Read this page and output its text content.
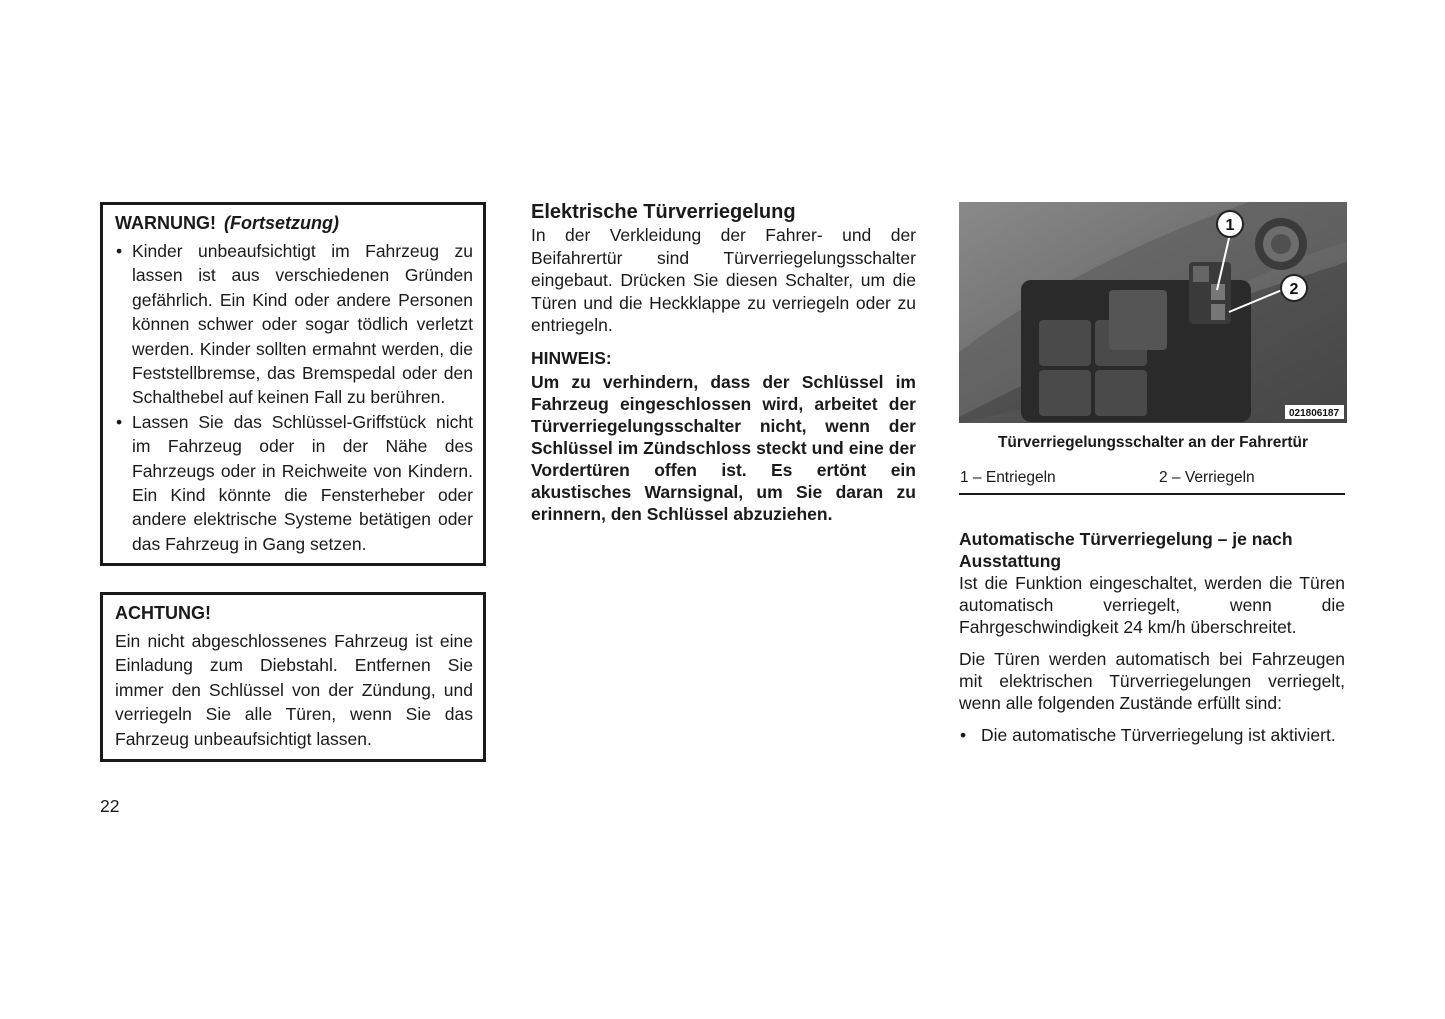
WARNUNG! (Fortsetzung)

• Kinder unbeaufsichtigt im Fahrzeug zu lassen ist aus verschiedenen Gründen gefährlich. Ein Kind oder andere Personen können schwer oder sogar tödlich verletzt werden. Kinder sollten ermahnt werden, die Feststellbremse, das Bremspedal oder den Schalthebel auf keinen Fall zu berühren.
• Lassen Sie das Schlüssel-Griffstück nicht im Fahrzeug oder in der Nähe des Fahrzeugs oder in Reichweite von Kindern. Ein Kind könnte die Fensterheber oder andere elektrische Systeme betätigen oder das Fahrzeug in Gang setzen.

ACHTUNG!

Ein nicht abgeschlossenes Fahrzeug ist eine Einladung zum Diebstahl. Entfernen Sie immer den Schlüssel von der Zündung, und verriegeln Sie alle Türen, wenn Sie das Fahrzeug unbeaufsichtigt lassen.

Elektrische Türverriegelung

In der Verkleidung der Fahrer- und der Beifahrertür sind Türverriegelungsschalter eingebaut. Drücken Sie diesen Schalter, um die Türen und die Heckklappe zu verriegeln oder zu entriegeln.

HINWEIS:

Um zu verhindern, dass der Schlüssel im Fahrzeug eingeschlossen wird, arbeitet der Türverriegelungsschalter nicht, wenn der Schlüssel im Zündschloss steckt und eine der Vordertüren offen ist. Es ertönt ein akustisches Warnsignal, um Sie daran zu erinnern, den Schlüssel abzuziehen.

1
2
021806187
Türverriegelungsschalter an der Fahrertür
1 – Entriegeln	2 – Verriegeln

Automatische Türverriegelung – je nach Ausstattung

Ist die Funktion eingeschaltet, werden die Türen automatisch verriegelt, wenn die Fahrgeschwindigkeit 24 km/h überschreitet.

Die Türen werden automatisch bei Fahrzeugen mit elektrischen Türverriegelungen verriegelt, wenn alle folgenden Zustände erfüllt sind:

• Die automatische Türverriegelung ist aktiviert.
22
